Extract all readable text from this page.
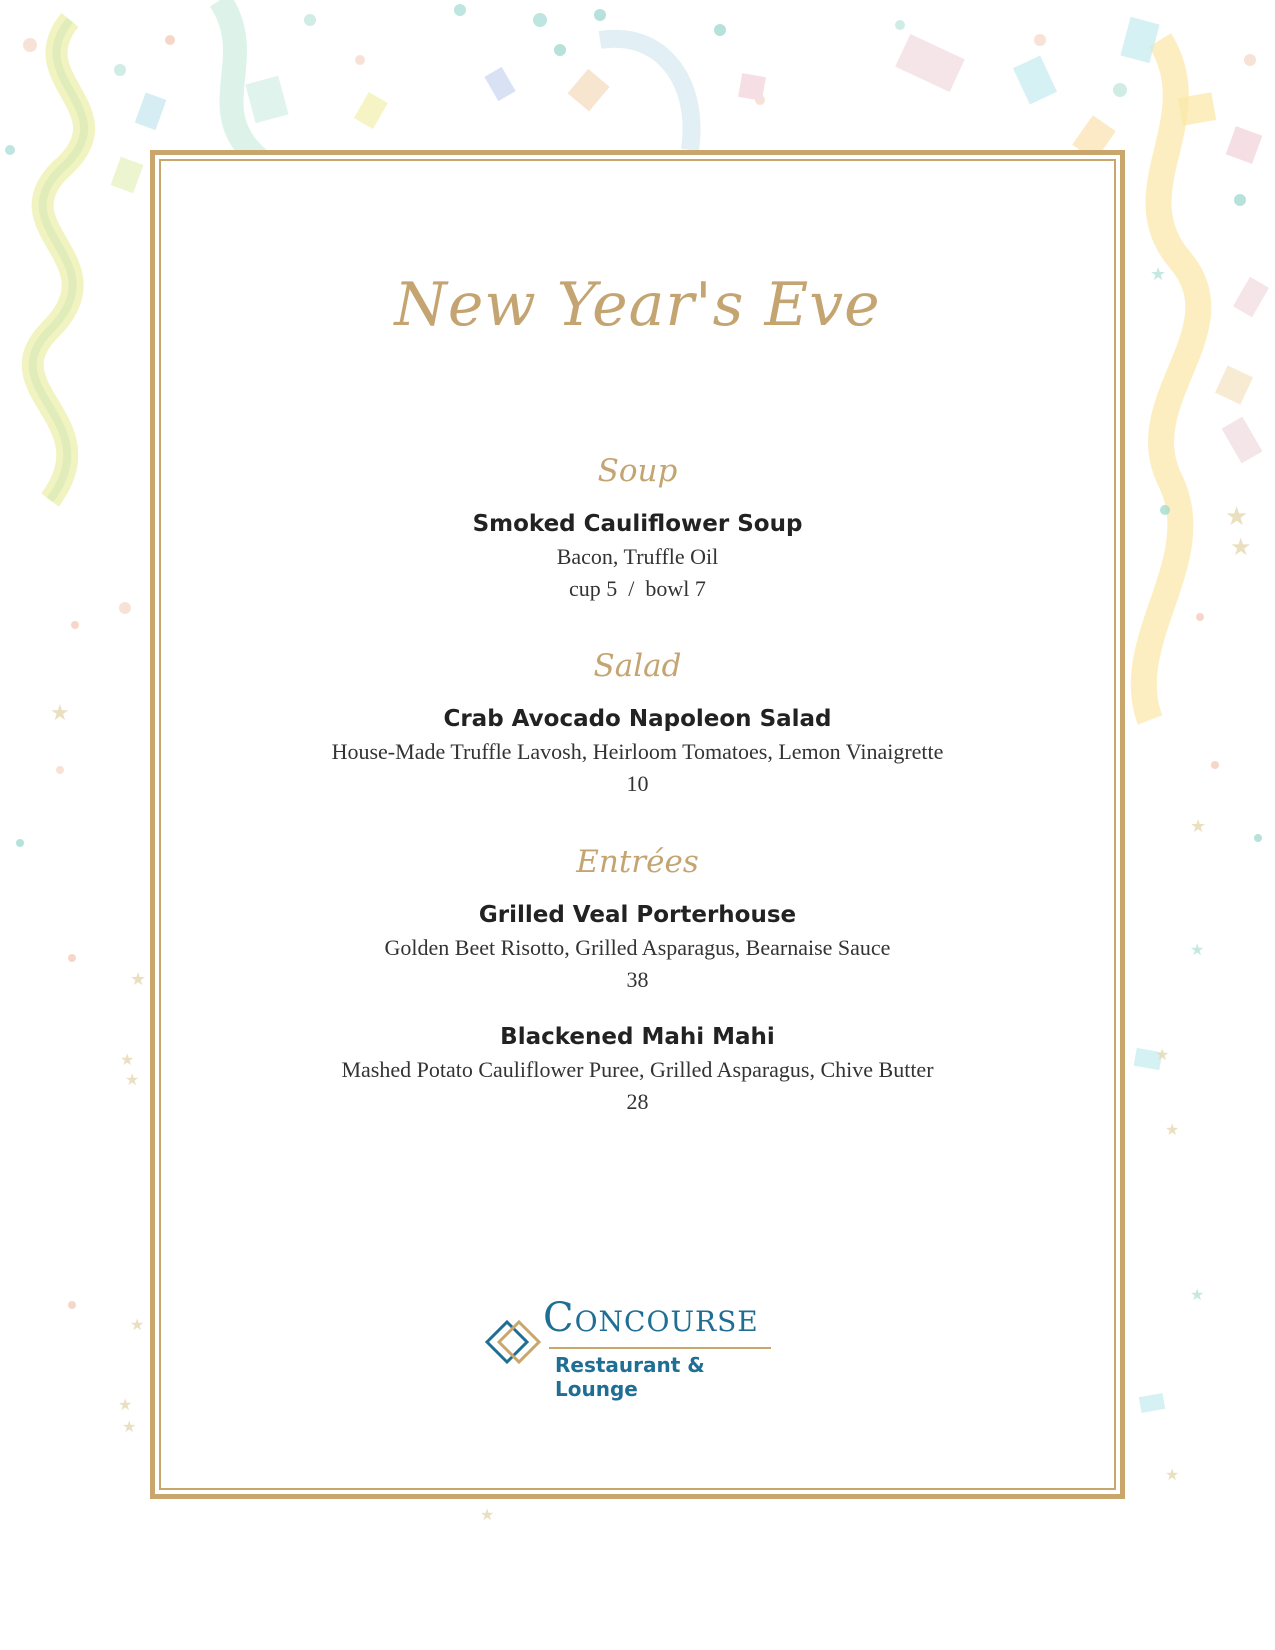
★
★
★
★
★
★
★
★
★
★
★
★
★
★
★
★
★
New Year's Eve
Soup
Smoked Cauliflower Soup
Bacon, Truffle Oil
cup 5  /  bowl 7
Salad
Crab Avocado Napoleon Salad
House-Made Truffle Lavosh, Heirloom Tomatoes, Lemon Vinaigrette
10
Entrées
Grilled Veal Porterhouse
Golden Beet Risotto, Grilled Asparagus, Bearnaise Sauce
38
Blackened Mahi Mahi
Mashed Potato Cauliflower Puree, Grilled Asparagus, Chive Butter
28
Concourse
Restaurant & Lounge
